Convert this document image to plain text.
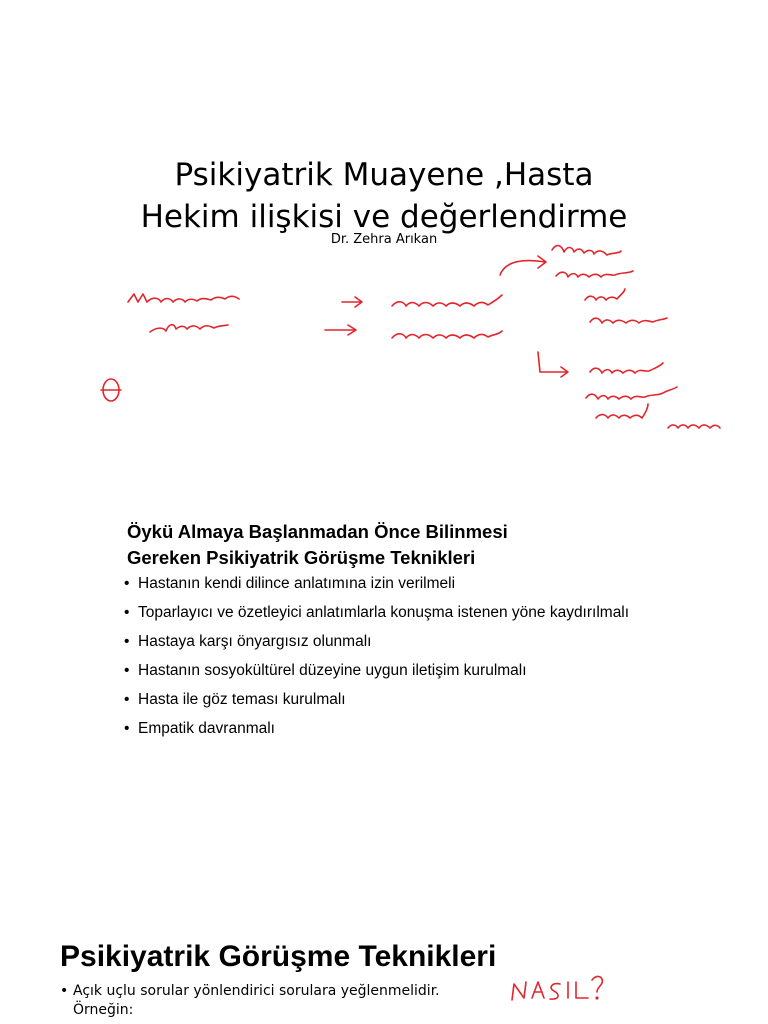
Psikiyatrik Muayene ,Hasta
Hekim ilişkisi ve değerlendirme
Dr. Zehra Arıkan
Öykü Almaya Başlanmadan Önce Bilinmesi
Gereken Psikiyatrik Görüşme Teknikleri
• Hastanın kendi dilince anlatımına izin verilmeli
• Toparlayıcı ve özetleyici anlatımlarla konuşma istenen yöne kaydırılmalı
• Hastaya karşı önyargısız olunmalı
• Hastanın sosyokültürel düzeyine uygun iletişim kurulmalı
• Hasta ile göz teması kurulmalı
• Empatik davranmalı
Psikiyatrik Görüşme Teknikleri
• Açık uçlu sorular yönlendirici sorulara yeğlenmelidir.
Örneğin:
